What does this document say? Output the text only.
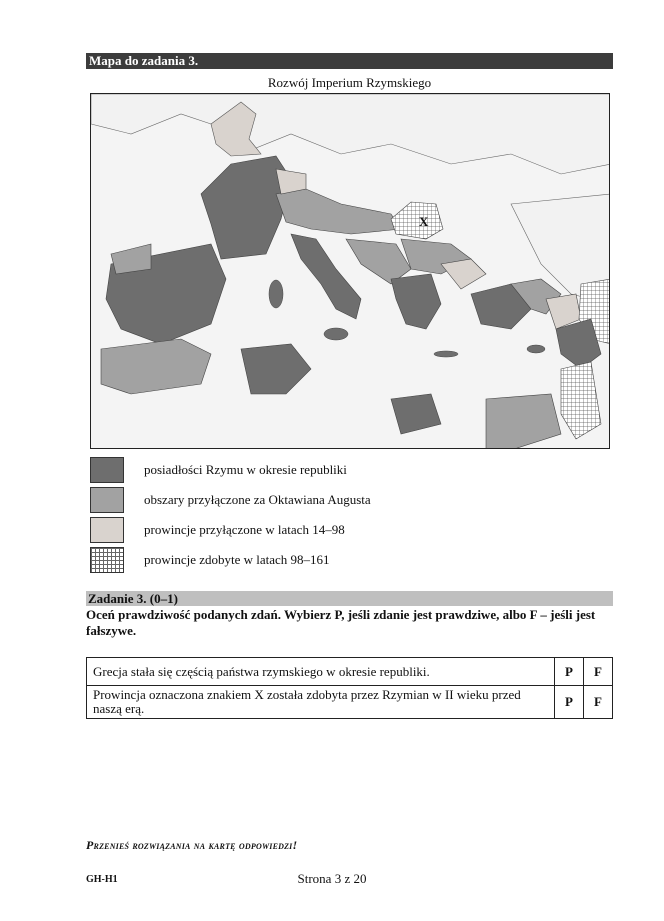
Mapa do zadania 3.
Rozwój Imperium Rzymskiego
X
posiadłości Rzymu w okresie republiki
obszary przyłączone za Oktawiana Augusta
prowincje przyłączone w latach 14–98
prowincje zdobyte w latach 98–161
Zadanie 3. (0–1)
Oceń prawdziwość podanych zdań. Wybierz P, jeśli zdanie jest prawdziwe, albo F – jeśli jest fałszywe.
Grecja stała się częścią państwa rzymskiego w okresie republiki.	P	F
Prowincja oznaczona znakiem X została zdobyta przez Rzymian w II wieku przed naszą erą.	P	F
Przenieś rozwiązania na kartę odpowiedzi!
GH-H1	Strona 3 z 20
